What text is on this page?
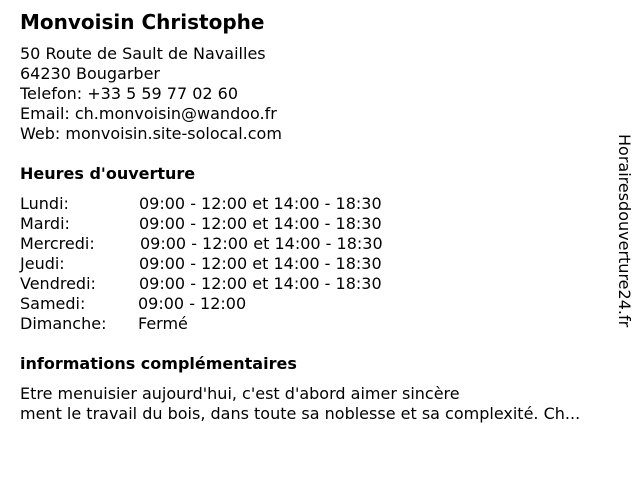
Monvoisin Christophe
50 Route de Sault de Navailles
64230 Bougarber
Telefon: +33 5 59 77 02 60
Email: ch.monvoisin@wandoo.fr
Web: monvoisin.site-solocal.com
Heures d'ouverture
Lundi:	09:00 - 12:00 et 14:00 - 18:30
Mardi:	09:00 - 12:00 et 14:00 - 18:30
Mercredi:	09:00 - 12:00 et 14:00 - 18:30
Jeudi:	09:00 - 12:00 et 14:00 - 18:30
Vendredi:	09:00 - 12:00 et 14:00 - 18:30
Samedi:	09:00 - 12:00
Dimanche: Fermé
informations complémentaires
Etre menuisier aujourd'hui, c'est d'abord aimer sincère
ment le travail du bois, dans toute sa noblesse et sa complexité. Ch...
Horairesdouverture24.fr
